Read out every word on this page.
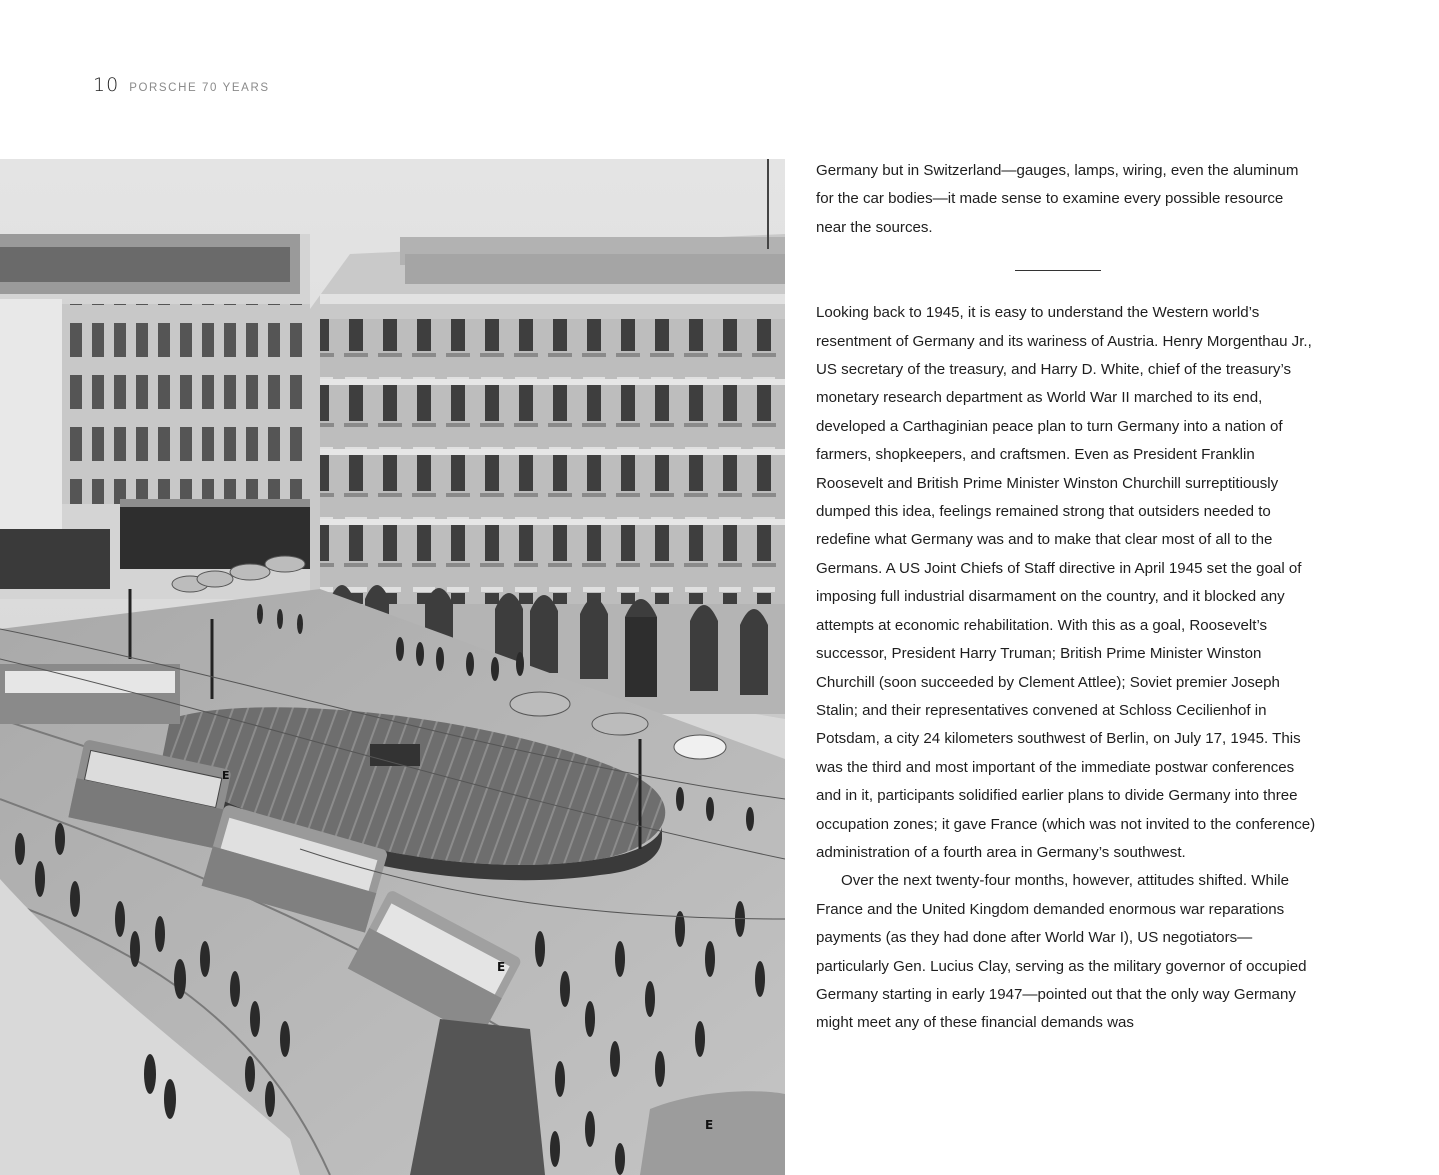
10 PORSCHE 70 YEARS
E
E
E

Germany but in Switzerland—gauges, lamps, wiring, even the aluminum for the car bodies—it made sense to examine every possible resource near the sources.

Looking back to 1945, it is easy to understand the Western world’s resentment of Germany and its wariness of Austria. Henry Morgenthau Jr., US secretary of the treasury, and Harry D. White, chief of the treasury’s monetary research department as World War II marched to its end, developed a Carthaginian peace plan to turn Germany into a nation of farmers, shopkeepers, and craftsmen. Even as President Franklin Roosevelt and British Prime Minister Winston Churchill surreptitiously dumped this idea, feelings remained strong that outsiders needed to redefine what Germany was and to make that clear most of all to the Germans. A US Joint Chiefs of Staff directive in April 1945 set the goal of imposing full industrial disarmament on the country, and it blocked any attempts at economic rehabilitation. With this as a goal, Roosevelt’s successor, President Harry Truman; British Prime Minister Winston Churchill (soon succeeded by Clement Attlee); Soviet premier Joseph Stalin; and their representatives convened at Schloss Cecilienhof in Potsdam, a city 24 kilometers southwest of Berlin, on July 17, 1945. This was the third and most important of the immediate postwar conferences and in it, participants solidified earlier plans to divide Germany into three occupation zones; it gave France (which was not invited to the conference) administration of a fourth area in Germany’s southwest.

Over the next twenty-four months, however, attitudes shifted. While France and the United Kingdom demanded enormous war reparations payments (as they had done after World War I), US negotiators—particularly Gen. Lucius Clay, serving as the military governor of occupied Germany starting in early 1947—pointed out that the only way Germany might meet any of these financial demands was
